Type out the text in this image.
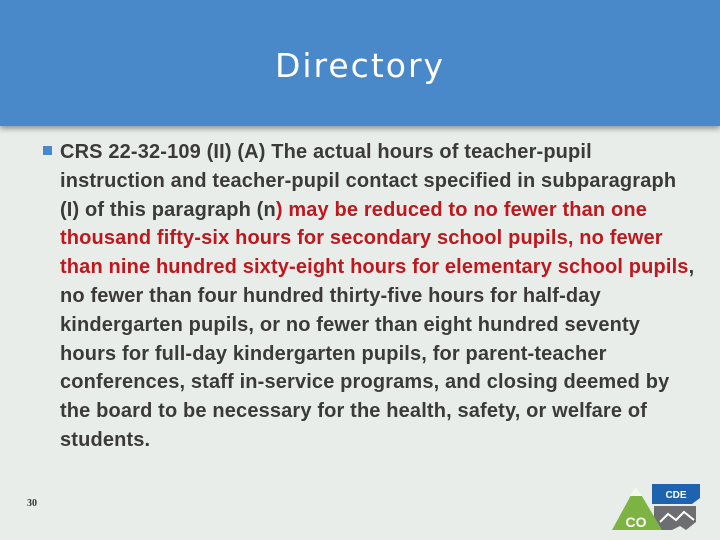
Directory
CRS 22-32-109 (II) (A) The actual hours of teacher-pupil instruction and teacher-pupil contact specified in subparagraph (I) of this paragraph (n) may be reduced to no fewer than one thousand fifty-six hours for secondary school pupils, no fewer than nine hundred sixty-eight hours for elementary school pupils, no fewer than four hundred thirty-five hours for half-day kindergarten pupils, or no fewer than eight hundred seventy hours for full-day kindergarten pupils, for parent-teacher conferences, staff in-service programs, and closing deemed by the board to be necessary for the health, safety, or welfare of students.
30
CDE
CO
